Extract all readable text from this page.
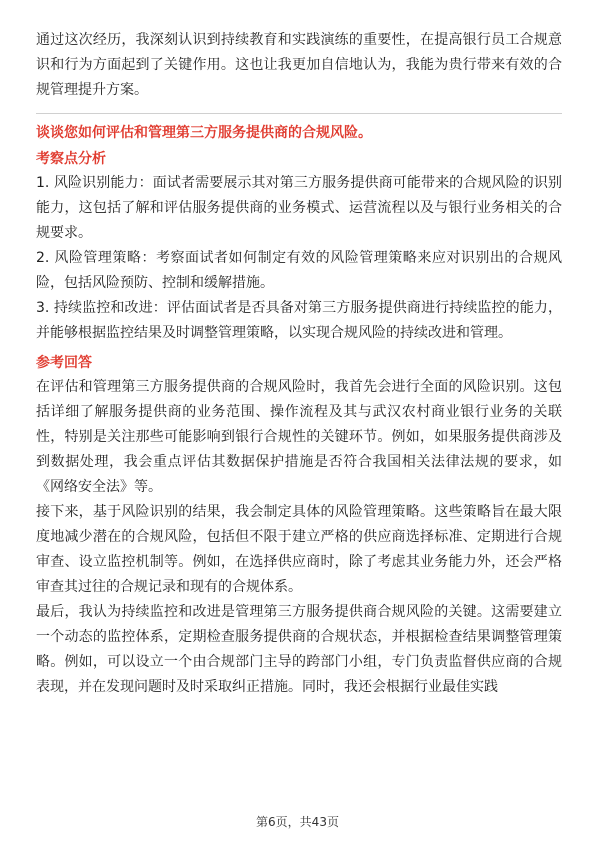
通过这次经历，我深刻认识到持续教育和实践演练的重要性，在提高银行员工合规意识和行为方面起到了关键作用。这也让我更加自信地认为，我能为贵行带来有效的合规管理提升方案。

谈谈您如何评估和管理第三方服务提供商的合规风险。

考察点分析

1. 风险识别能力：面试者需要展示其对第三方服务提供商可能带来的合规风险的识别能力，这包括了解和评估服务提供商的业务模式、运营流程以及与银行业务相关的合规要求。

2. 风险管理策略：考察面试者如何制定有效的风险管理策略来应对识别出的合规风险，包括风险预防、控制和缓解措施。

3. 持续监控和改进：评估面试者是否具备对第三方服务提供商进行持续监控的能力，并能够根据监控结果及时调整管理策略，以实现合规风险的持续改进和管理。

参考回答

在评估和管理第三方服务提供商的合规风险时，我首先会进行全面的风险识别。这包括详细了解服务提供商的业务范围、操作流程及其与武汉农村商业银行业务的关联性，特别是关注那些可能影响到银行合规性的关键环节。例如，如果服务提供商涉及到数据处理，我会重点评估其数据保护措施是否符合我国相关法律法规的要求，如《网络安全法》等。

接下来，基于风险识别的结果，我会制定具体的风险管理策略。这些策略旨在最大限度地减少潜在的合规风险，包括但不限于建立严格的供应商选择标准、定期进行合规审查、设立监控机制等。例如，在选择供应商时，除了考虑其业务能力外，还会严格审查其过往的合规记录和现有的合规体系。

最后，我认为持续监控和改进是管理第三方服务提供商合规风险的关键。这需要建立一个动态的监控体系，定期检查服务提供商的合规状态，并根据检查结果调整管理策略。例如，可以设立一个由合规部门主导的跨部门小组，专门负责监督供应商的合规表现，并在发现问题时及时采取纠正措施。同时，我还会根据行业最佳实践

第6页，共43页
